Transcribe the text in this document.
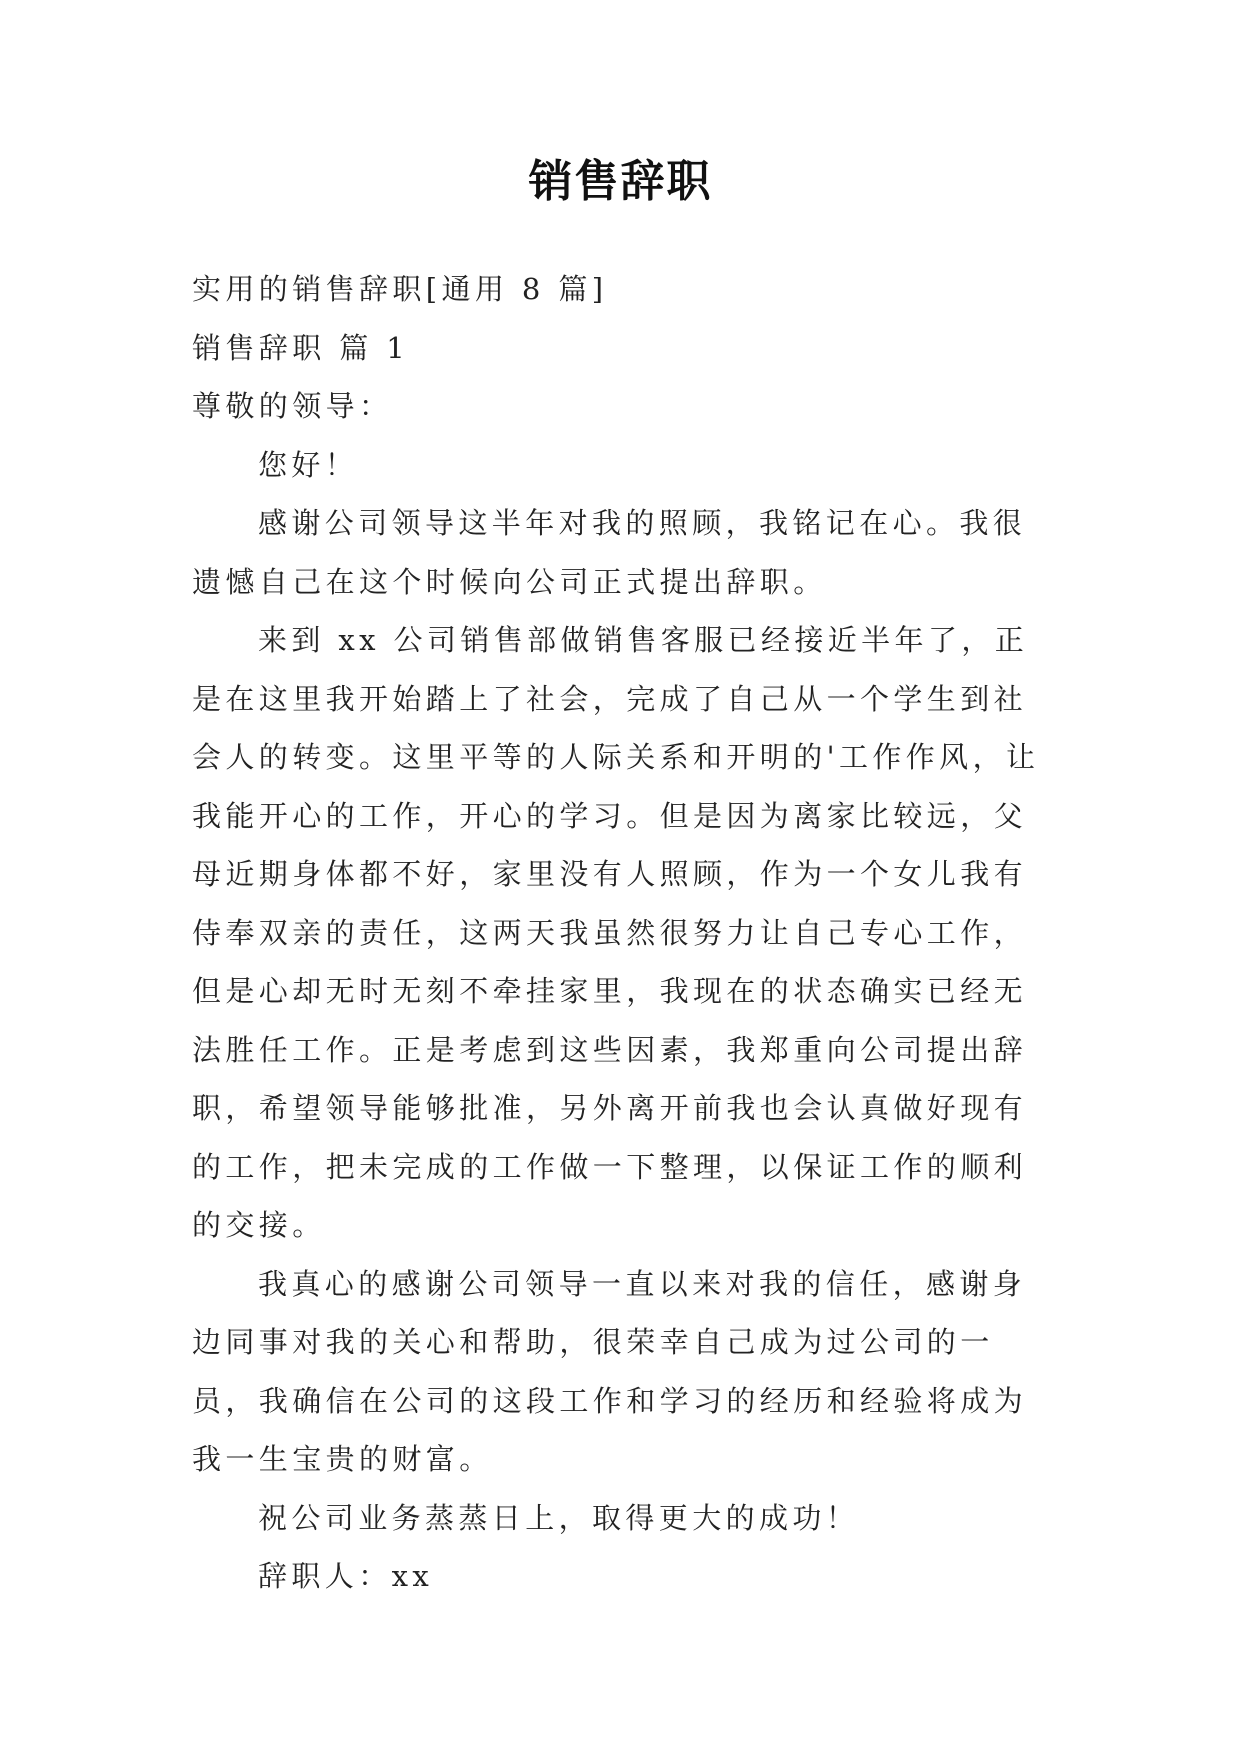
销售辞职

实用的销售辞职[通用 8 篇]

销售辞职 篇 1

尊敬的领导：

您好！

感谢公司领导这半年对我的照顾，我铭记在心。我很遗憾自己在这个时候向公司正式提出辞职。

来到 xx 公司销售部做销售客服已经接近半年了，正是在这里我开始踏上了社会，完成了自己从一个学生到社会人的转变。这里平等的人际关系和开明的'工作作风，让我能开心的工作，开心的学习。但是因为离家比较远，父母近期身体都不好，家里没有人照顾，作为一个女儿我有侍奉双亲的责任，这两天我虽然很努力让自己专心工作，但是心却无时无刻不牵挂家里，我现在的状态确实已经无法胜任工作。正是考虑到这些因素，我郑重向公司提出辞职，希望领导能够批准，另外离开前我也会认真做好现有的工作，把未完成的工作做一下整理，以保证工作的顺利的交接。

我真心的感谢公司领导一直以来对我的信任，感谢身边同事对我的关心和帮助，很荣幸自己成为过公司的一员，我确信在公司的这段工作和学习的经历和经验将成为我一生宝贵的财富。

祝公司业务蒸蒸日上，取得更大的成功！

辞职人：xx
